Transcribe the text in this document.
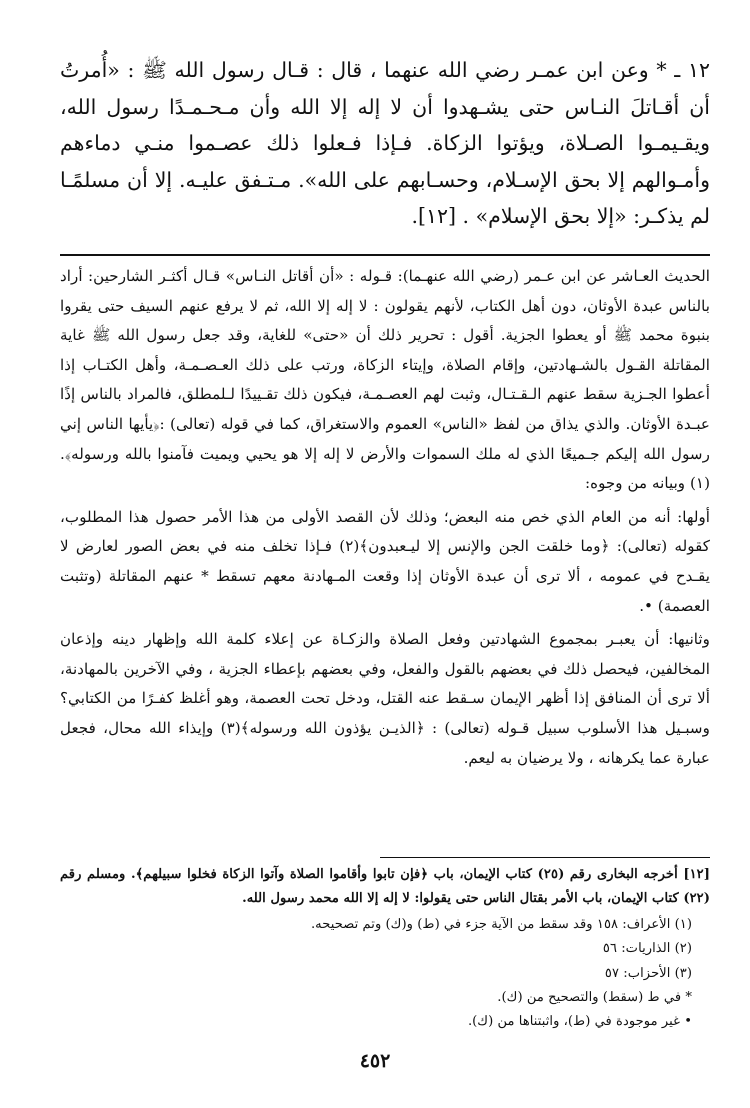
١٢ ـ * وعن ابن عمـر رضي الله عنهما ، قال : قـال رسول الله ﷺ : «أُمرتُ أن أقـاتلَ النـاس حتى يشـهدوا أن لا إله إلا الله وأن مـحـمـدًا رسول الله، ويقـيمـوا الصـلاة، ويؤتوا الزكاة. فـإذا فـعلوا ذلك عصـموا منـي دماءهم وأمـوالهم إلا بحق الإسـلام، وحسـابهم على الله». مـتـفق عليـه. إلا أن مسلمًـا لم يذكـر: «إلا بحق الإسلام» . [١٢].

الحديث العـاشر عن ابن عـمر (رضي الله عنهـما): قـوله : «أن أقاتل النـاس» قـال أكثـر الشارحين: أراد بالناس عبدة الأوثان، دون أهل الكتاب، لأنهم يقولون : لا إله إلا الله، ثم لا يرفع عنهم السيف حتى يقروا بنبوة محمد ﷺ أو يعطوا الجزية. أقول : تحرير ذلك أن «حتى» للغاية، وقد جعل رسول الله ﷺ غاية المقاتلة القـول بالشـهادتين، وإقام الصلاة، وإيتاء الزكاة، ورتب على ذلك العـصـمـة، وأهل الكتـاب إذا أعطوا الجـزية سقط عنهم الـقـتـال، وثبت لهم العصـمـة، فيكون ذلك تقـييدًا لـلمطلق، فالمراد بالناس إذًا عبـدة الأوثان. والذي يذاق من لفظ «الناس» العموم والاستغراق، كما في قوله (تعالى) :﴿يأيها الناس إني رسول الله إليكم جـميعًا الذي له ملك السموات والأرض لا إله إلا هو يحيي ويميت فآمنوا بالله ورسوله﴾.(١) وبيانه من وجوه:

أولها: أنه من العام الذي خص منه البعض؛ وذلك لأن القصد الأولى من هذا الأمر حصول هذا المطلوب، كقوله (تعالى): ﴿وما خلقت الجن والإنس إلا ليـعبدون﴾(٢) فـإذا تخلف منه في بعض الصور لعارض لا يقـدح في عمومه ، ألا ترى أن عبدة الأوثان إذا وقعت المـهادنة معهم تسقط * عنهم المقاتلة (وتثبت العصمة) •.

وثانيها: أن يعبـر بمجموع الشهادتين وفعل الصلاة والزكـاة عن إعلاء كلمة الله وإظهار دينه وإذعان المخالفين، فيحصل ذلك في بعضهم بالقول والفعل، وفي بعضهم بإعطاء الجزية ، وفي الآخرين بالمهادنة، ألا ترى أن المنافق إذا أظهر الإيمان سـقط عنه القتل، ودخل تحت العصمة، وهو أغلظ كفـرًا من الكتابي؟ وسبـيل هذا الأسلوب سبيل قـوله (تعالى) : ﴿الذيـن يؤذون الله ورسوله﴾(٣) وإيذاء الله محال، فجعل عبارة عما يكرهانه ، ولا يرضيان به ليعم.

[١٢] أخرجه البخارى رقم (٢٥) كتاب الإيمان، باب ﴿فإن تابوا وأقاموا الصلاة وآتوا الزكاة فخلوا سبيلهم﴾. ومسلم رقم (٢٢) كتاب الإيمان، باب الأمر بقتال الناس حتى يقولوا: لا إله إلا الله محمد رسول الله.

(١) الأعراف: ١٥٨ وقد سقط من الآية جزء في (ط) و(ك) وتم تصحيحه.

(٢) الذاريات: ٥٦

(٣) الأحزاب: ٥٧

* في ط (سقط) والتصحيح من (ك).

• غير موجودة في (ط)، واثبتناها من (ك).

٤٥٢
